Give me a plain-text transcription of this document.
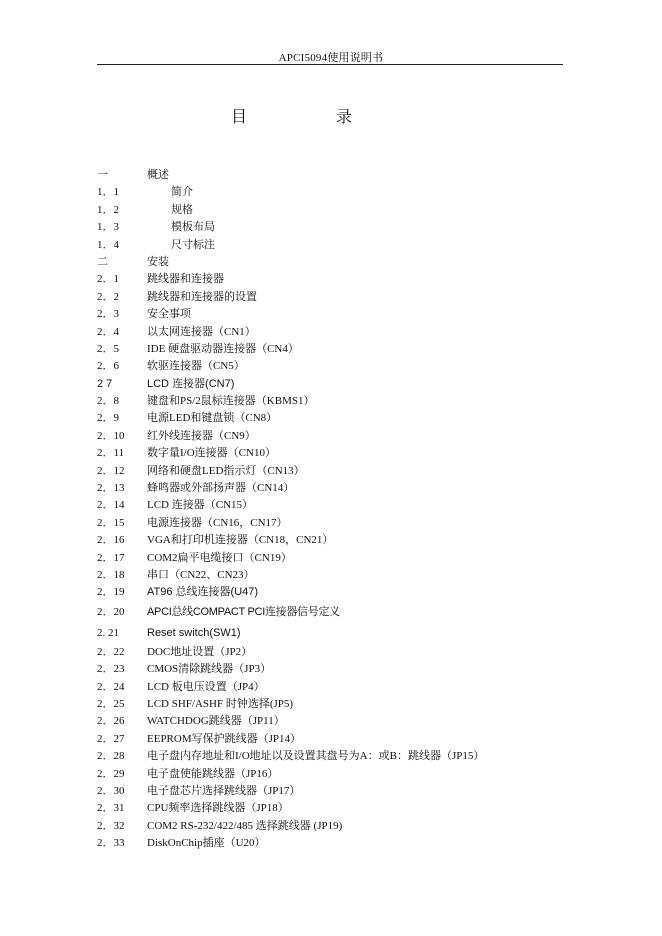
APCI5094使用说明书
目	录
一	概述
1．1	简介
1．2	规格
1．3	模板布局
1．4	尺寸标注
二	安装
2．1	跳线器和连接器
2．2	跳线器和连接器的设置
2．3	安全事项
2．4	以太网连接器（CN1）
2．5	IDE 硬盘驱动器连接器（CN4）
2．6	软驱连接器（CN5）
2 7	LCD 连接器(CN7)
2．8	键盘和PS/2鼠标连接器（KBMS1）
2．9	电源LED和键盘锁（CN8）
2．10 红外线连接器（CN9）
2．11 数字量I/O连接器（CN10）
2．12 网络和硬盘LED指示灯（CN13）
2．13 蜂鸣器或外部扬声器（CN14）
2．14 LCD 连接器（CN15）
2．15 电源连接器（CN16，CN17）
2．16 VGA和打印机连接器（CN18，CN21）
2．17 COM2扁平电缆接口（CN19）
2．18 串口（CN22、CN23）
2．19 AT96 总线连接器(U47)
2．20 APCI总线COMPACT PCI连接器信号定义
2. 21	Reset switch(SW1)
2．22 DOC地址设置（JP2）
2．23 CMOS清除跳线器（JP3）
2．24 LCD 板电压设置（JP4）
2．25 LCD SHF/ASHF 时钟选择(JP5)
2．26 WATCHDOG跳线器（JP11）
2．27 EEPROM写保护跳线器（JP14）
2．28 电子盘内存地址和I/O地址以及设置其盘号为A：或B：跳线器（JP15）
2．29 电子盘使能跳线器（JP16）
2．30 电子盘芯片选择跳线器（JP17）
2．31 CPU频率选择跳线器（JP18）
2．32 COM2 RS-232/422/485 选择跳线器 (JP19)
2．33 DiskOnChip插座（U20）
